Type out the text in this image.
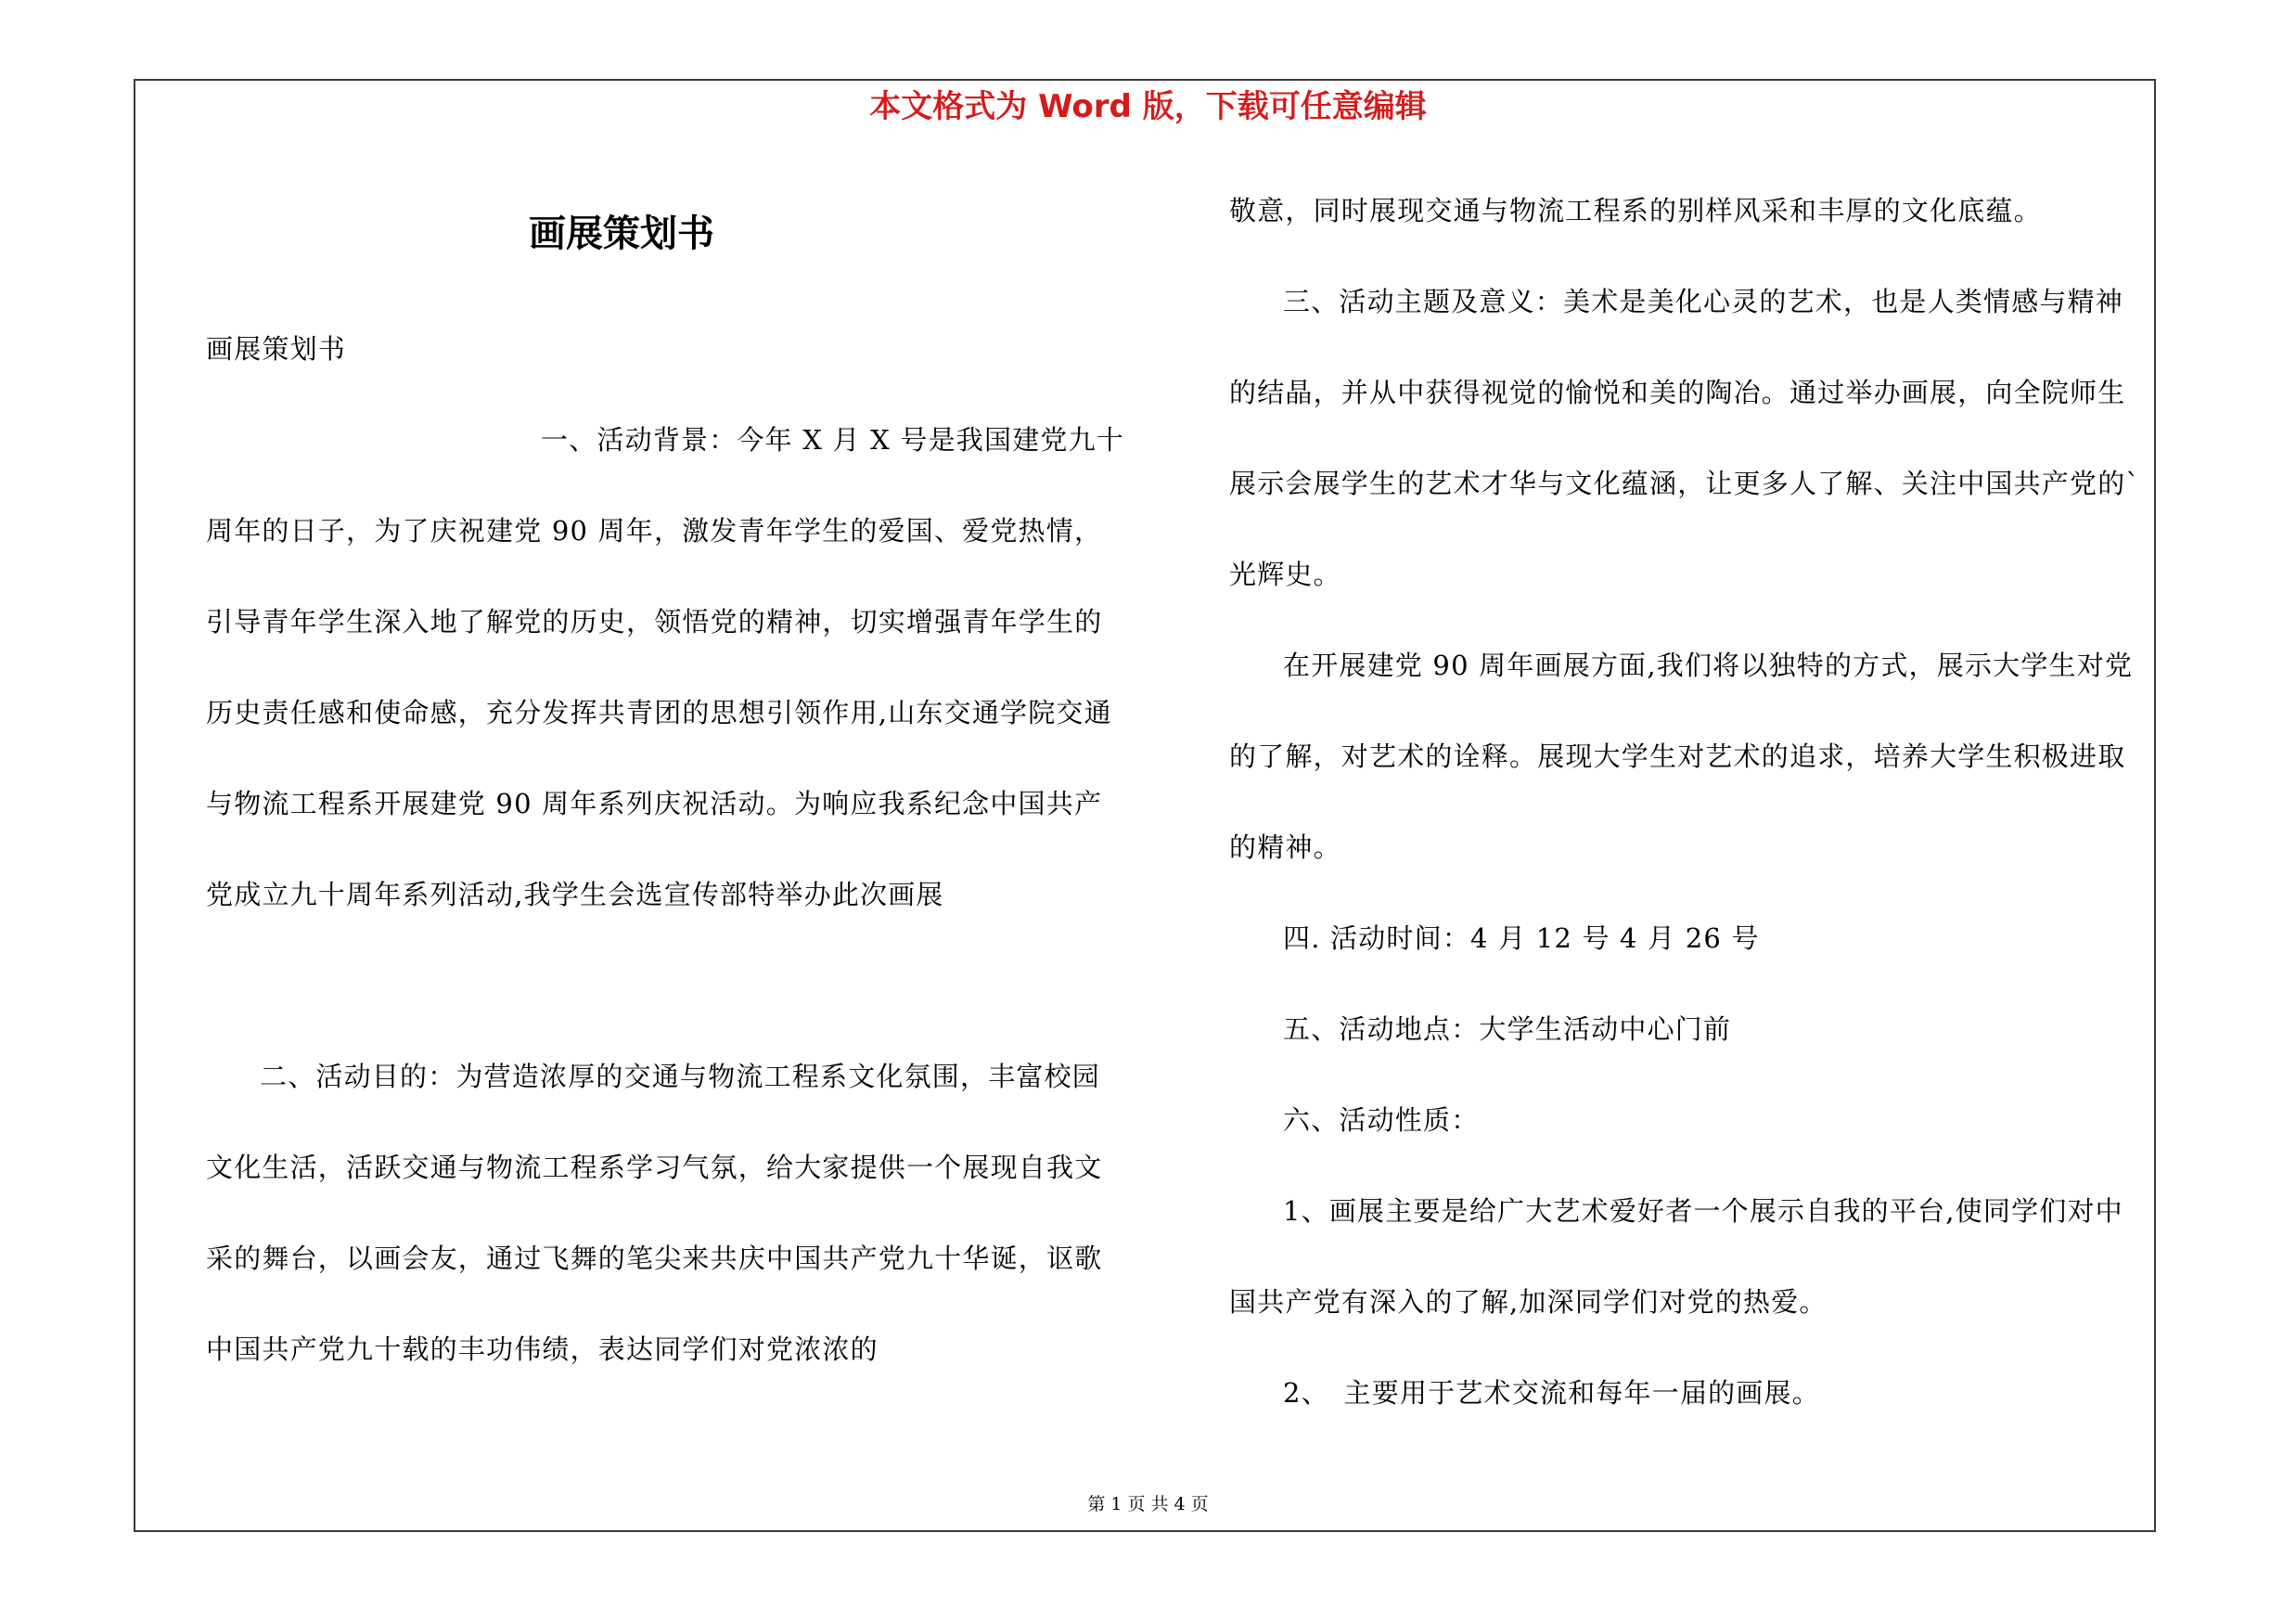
本文格式为 Word 版，下载可任意编辑
画展策划书

画展策划书

一、活动背景：今年 X 月 X 号是我国建党九十

周年的日子，为了庆祝建党 90 周年，激发青年学生的爱国、爱党热情，引导青年学生深入地了解党的历史，领悟党的精神，切实增强青年学生的历史责任感和使命感，充分发挥共青团的思想引领作用,山东交通学院交通与物流工程系开展建党 90 周年系列庆祝活动。为响应我系纪念中国共产党成立九十周年系列活动,我学生会选宣传部特举办此次画展

二、活动目的：为营造浓厚的交通与物流工程系文化氛围，丰富校园文化生活，活跃交通与物流工程系学习气氛，给大家提供一个展现自我文采的舞台，以画会友，通过飞舞的笔尖来共庆中国共产党九十华诞，讴歌中国共产党九十载的丰功伟绩，表达同学们对党浓浓的

敬意，同时展现交通与物流工程系的别样风采和丰厚的文化底蕴。

三、活动主题及意义：美术是美化心灵的艺术，也是人类情感与精神的结晶，并从中获得视觉的愉悦和美的陶冶。通过举办画展，向全院师生展示会展学生的艺术才华与文化蕴涵，让更多人了解、关注中国共产党的`光辉史。

在开展建党 90 周年画展方面,我们将以独特的方式，展示大学生对党的了解，对艺术的诠释。展现大学生对艺术的追求，培养大学生积极进取的精神。

四. 活动时间：4 月 12 号 4 月 26 号

五、活动地点：大学生活动中心门前

六、活动性质：

1、画展主要是给广大艺术爱好者一个展示自我的平台,使同学们对中国共产党有深入的了解,加深同学们对党的热爱。

2、　主要用于艺术交流和每年一届的画展。

第 1 页 共 4 页
